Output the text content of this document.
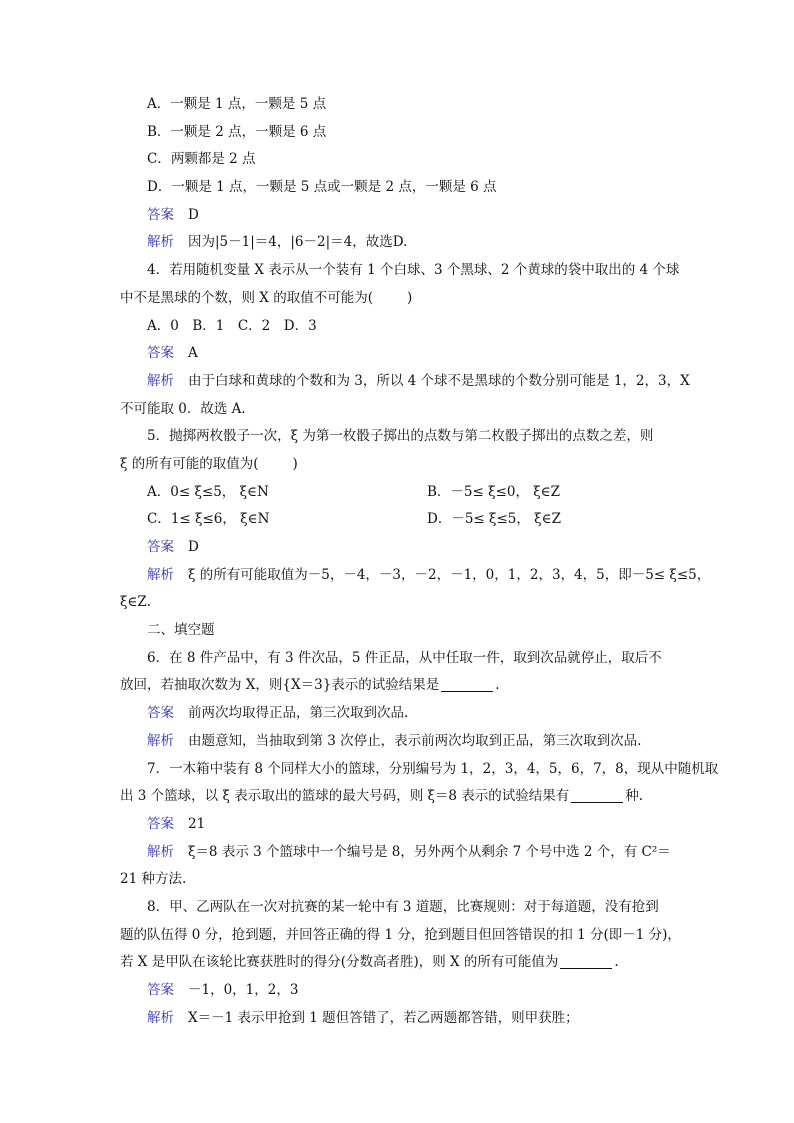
A．一颗是 1 点，一颗是 5 点
B．一颗是 2 点，一颗是 6 点
C．两颗都是 2 点
D．一颗是 1 点，一颗是 5 点或一颗是 2 点，一颗是 6 点
答案 D
解析 因为|5－1|＝4，|6－2|＝4，故选D.
4．若用随机变量 X 表示从一个装有 1 个白球、3 个黑球、2 个黄球的袋中取出的 4 个球
中不是黑球的个数，则 X 的取值不可能为(	)
A．0　B．1　C．2　D．3
答案 A
解析 由于白球和黄球的个数和为 3，所以 4 个球不是黑球的个数分别可能是 1，2，3，X
不可能取 0．故选 A.
5．抛掷两枚骰子一次，ξ 为第一枚骰子掷出的点数与第二枚骰子掷出的点数之差，则
ξ 的所有可能的取值为(	)
A．0≤ ξ≤5， ξ∈N	B．－5≤ ξ≤0， ξ∈Z
C．1≤ ξ≤6， ξ∈N	D．－5≤ ξ≤5， ξ∈Z
答案 D
解析 ξ 的所有可能取值为－5，－4，－3，－2，－1，0，1，2，3，4，5，即－5≤ ξ≤5，
ξ∈Z.
二、填空题
6．在 8 件产品中，有 3 件次品，5 件正品，从中任取一件，取到次品就停止，取后不
放回，若抽取次数为 X，则{X＝3}表示的试验结果是	.
答案 前两次均取得正品，第三次取到次品.
解析 由题意知，当抽取到第 3 次停止，表示前两次均取到正品，第三次取到次品.
7．一木箱中装有 8 个同样大小的篮球，分别编号为 1，2，3，4，5，6，7，8，现从中随机取
出 3 个篮球，以 ξ 表示取出的篮球的最大号码，则 ξ＝8 表示的试验结果有	种.
答案 21
解析 ξ＝8 表示 3 个篮球中一个编号是 8，另外两个从剩余 7 个号中选 2 个，有 C²＝
21 种方法.
8．甲、乙两队在一次对抗赛的某一轮中有 3 道题，比赛规则：对于每道题，没有抢到
题的队伍得 0 分，抢到题，并回答正确的得 1 分，抢到题目但回答错误的扣 1 分(即－1 分)，
若 X 是甲队在该轮比赛获胜时的得分(分数高者胜)，则 X 的所有可能值为	.
答案 －1，0，1，2，3
解析 X＝－1 表示甲抢到 1 题但答错了，若乙两题都答错，则甲获胜；
